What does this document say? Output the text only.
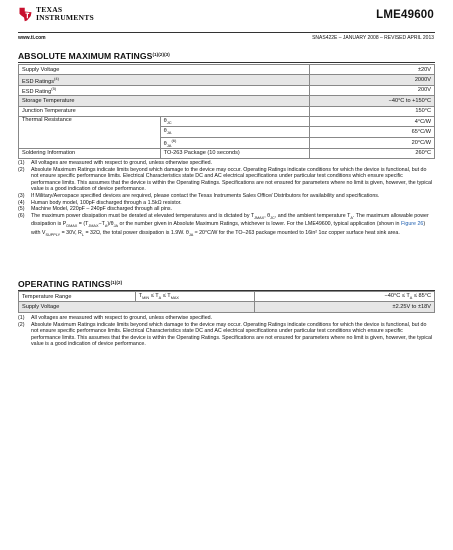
TEXAS
INSTRUMENTS	LME49600
www.ti.com	SNAS422E – JANUARY 2008 – REVISED APRIL 2013
ABSOLUTE MAXIMUM $RATINGS^{(1)(2)(3)}$
Supply Voltage		±20V
ESD Ratings$^{(4)}$		2000V
ESD Rating$^{(5)}$		200V
Storage Temperature		−40°C to +150°C
Junction Temperature		150°C
Thermal Resistance	$\theta_{JC}$	4°C/W
	$\theta_{JA}$	65°C/W
	$\theta_{JA}^{(6)}$	20°C/W
Soldering Information	TO-263 Package (10 seconds)	260°C
(1)	All voltages are measured with respect to ground, unless otherwise specified.
(2)	Absolute Maximum Ratings indicate limits beyond which damage to the device may occur. Operating Ratings indicate conditions for which the device is functional, but do not ensure specific performance limits. Electrical Characteristics state DC and AC electrical specifications under particular test conditions which ensure specific performance limits. This assumes that the device is within the Operating Ratings. Specifications are not ensured for parameters where no limit is given, however, the typical value is a good indication of device performance.
(3)	If Military/Aerospace specified devices are required, please contact the Texas Instruments Sales Office/ Distributors for availability and specifications.
(4)	Human body model, 100pF discharged through a 1.5kΩ resistor.
(5)	Machine Model, 220pF – 240pF discharged through all pins.
(6)	The maximum power dissipation must be derated at elevated temperatures and is dictated by $T_{JMAX}$, $\theta_{JC}$, and the ambient temperature $T_A$. The maximum allowable power dissipation is $P_{DMAX} = (T_{JMAX}-T_A)/\theta_{JA}$ or the number given in Absolute Maximum Ratings, whichever is lower. For the LME49600, typical application (shown in Figure 26) with $V_{SUPPLY} = 30V$, $R_L = 32\Omega$, the total power dissipation is 1.9W. $\theta_{JA} \approx 20^\circ C/W$ for the TO–263 package mounted to 16in² 1oz copper surface heat sink area.
OPERATING $RATINGS^{(1)(2)}$
Temperature Range	$T_{MIN} \le T_A \le T_{MAX}$	$-40^\circ C \le T_A \le 85^\circ C$
Supply Voltage		±2.25V to ±18V
(1)	All voltages are measured with respect to ground, unless otherwise specified.
(2)	Absolute Maximum Ratings indicate limits beyond which damage to the device may occur. Operating Ratings indicate conditions for which the device is functional, but do not ensure specific performance limits. Electrical Characteristics state DC and AC electrical specifications under particular test conditions which ensure specific performance limits. This assumes that the device is within the Operating Ratings. Specifications are not ensured for parameters where no limit is given, however, the typical value is a good indication of device performance.
